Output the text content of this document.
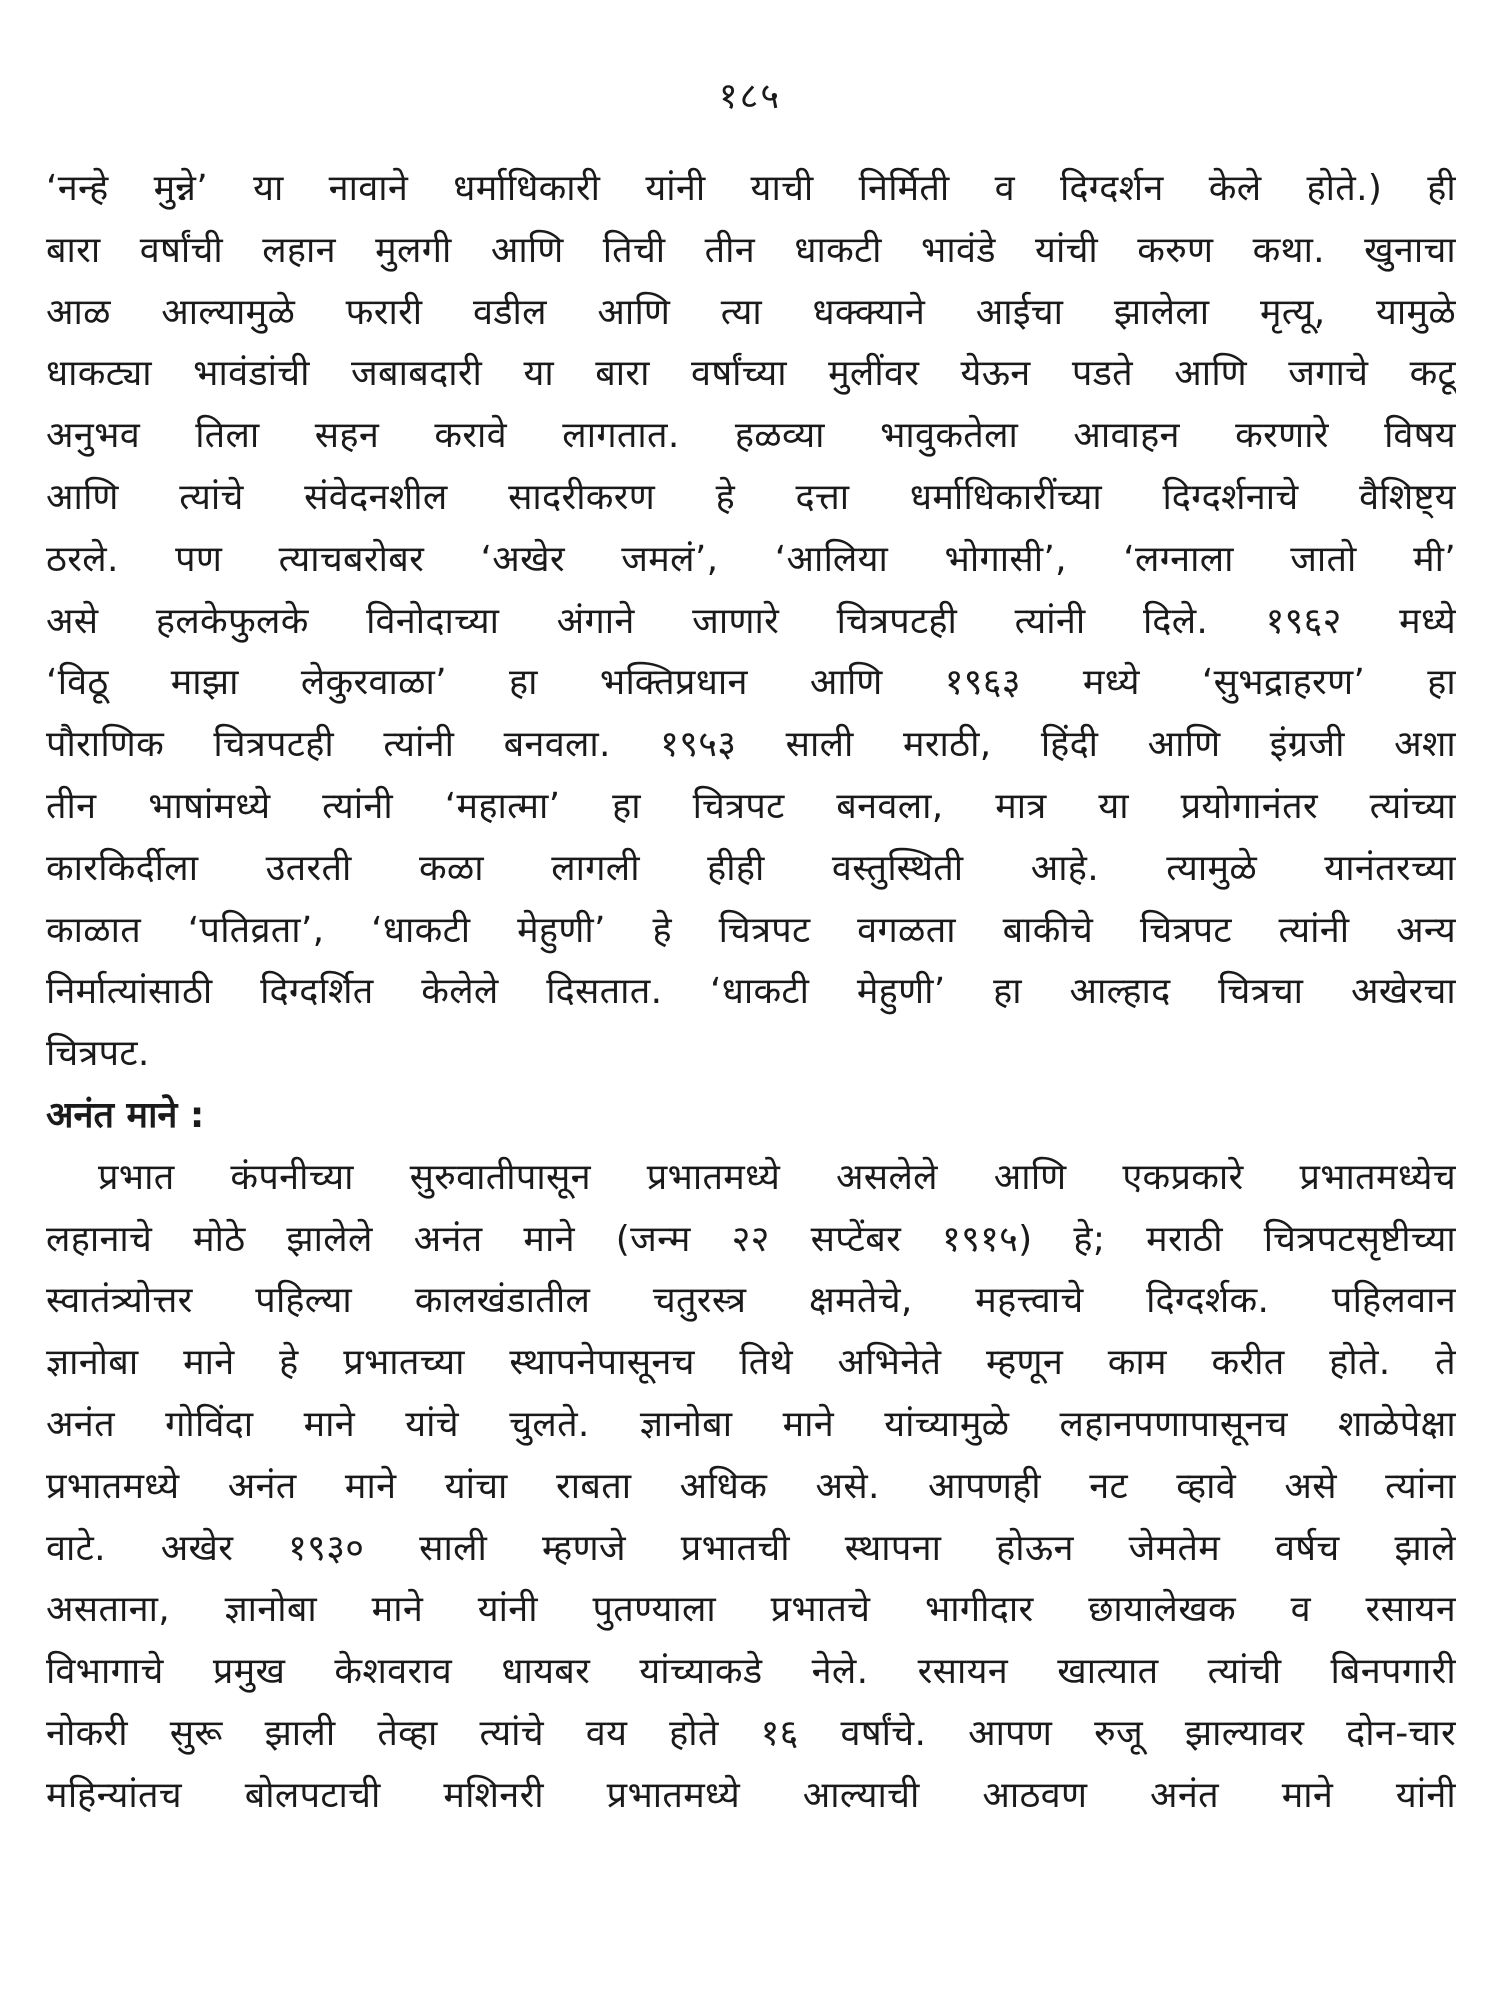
१८५
‘नन्हे मुन्ने’ या नावाने धर्माधिकारी यांनी याची निर्मिती व दिग्दर्शन केले होते.) ही
बारा वर्षांची लहान मुलगी आणि तिची तीन धाकटी भावंडे यांची करुण कथा. खुनाचा
आळ आल्यामुळे फरारी वडील आणि त्या धक्क्याने आईचा झालेला मृत्यू, यामुळे
धाकट्या भावंडांची जबाबदारी या बारा वर्षांच्या मुलींवर येऊन पडते आणि जगाचे कटू
अनुभव तिला सहन करावे लागतात. हळव्या भावुकतेला आवाहन करणारे विषय
आणि त्यांचे संवेदनशील सादरीकरण हे दत्ता धर्माधिकारींच्या दिग्दर्शनाचे वैशिष्ट्य
ठरले. पण त्याचबरोबर ‘अखेर जमलं’, ‘आलिया भोगासी’, ‘लग्नाला जातो मी’
असे हलकेफुलके विनोदाच्या अंगाने जाणारे चित्रपटही त्यांनी दिले. १९६२ मध्ये
‘विठू माझा लेकुरवाळा’ हा भक्तिप्रधान आणि १९६३ मध्ये ‘सुभद्राहरण’ हा
पौराणिक चित्रपटही त्यांनी बनवला. १९५३ साली मराठी, हिंदी आणि इंग्रजी अशा
तीन भाषांमध्ये त्यांनी ‘महात्मा’ हा चित्रपट बनवला, मात्र या प्रयोगानंतर त्यांच्या
कारकिर्दीला उतरती कळा लागली हीही वस्तुस्थिती आहे. त्यामुळे यानंतरच्या
काळात ‘पतिव्रता’, ‘धाकटी मेहुणी’ हे चित्रपट वगळता बाकीचे चित्रपट त्यांनी अन्य
निर्मात्यांसाठी दिग्दर्शित केलेले दिसतात. ‘धाकटी मेहुणी’ हा आल्हाद चित्रचा अखेरचा
चित्रपट.
अनंत माने :
प्रभात कंपनीच्या सुरुवातीपासून प्रभातमध्ये असलेले आणि एकप्रकारे प्रभातमध्येच
लहानाचे मोठे झालेले अनंत माने (जन्म २२ सप्टेंबर १९१५) हे; मराठी चित्रपटसृष्टीच्या
स्वातंत्र्योत्तर पहिल्या कालखंडातील चतुरस्त्र क्षमतेचे, महत्त्वाचे दिग्दर्शक. पहिलवान
ज्ञानोबा माने हे प्रभातच्या स्थापनेपासूनच तिथे अभिनेते म्हणून काम करीत होते. ते
अनंत गोविंदा माने यांचे चुलते. ज्ञानोबा माने यांच्यामुळे लहानपणापासूनच शाळेपेक्षा
प्रभातमध्ये अनंत माने यांचा राबता अधिक असे. आपणही नट व्हावे असे त्यांना
वाटे. अखेर १९३० साली म्हणजे प्रभातची स्थापना होऊन जेमतेम वर्षच झाले
असताना, ज्ञानोबा माने यांनी पुतण्याला प्रभातचे भागीदार छायालेखक व रसायन
विभागाचे प्रमुख केशवराव धायबर यांच्याकडे नेले. रसायन खात्यात त्यांची बिनपगारी
नोकरी सुरू झाली तेव्हा त्यांचे वय होते १६ वर्षांचे. आपण रुजू झाल्यावर दोन-चार
महिन्यांतच बोलपटाची मशिनरी प्रभातमध्ये आल्याची आठवण अनंत माने यांनी
